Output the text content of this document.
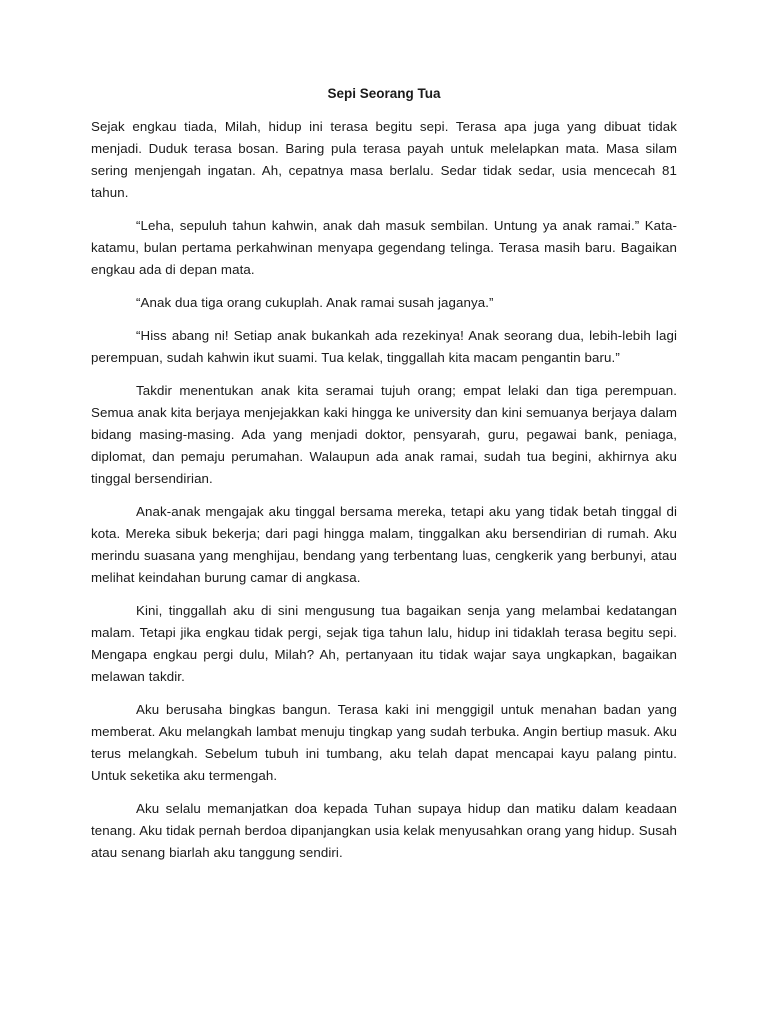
Sepi Seorang Tua

Sejak engkau tiada, Milah, hidup ini terasa begitu sepi. Terasa apa juga yang dibuat tidak menjadi. Duduk terasa bosan. Baring pula terasa payah untuk melelapkan mata. Masa silam sering menjengah ingatan. Ah, cepatnya masa berlalu. Sedar tidak sedar, usia mencecah 81 tahun.

“Leha, sepuluh tahun kahwin, anak dah masuk sembilan. Untung ya anak ramai.” Kata-katamu, bulan pertama perkahwinan menyapa gegendang telinga. Terasa masih baru. Bagaikan engkau ada di depan mata.

“Anak dua tiga orang cukuplah. Anak ramai susah jaganya.”

“Hiss abang ni! Setiap anak bukankah ada rezekinya! Anak seorang dua, lebih-lebih lagi perempuan, sudah kahwin ikut suami. Tua kelak, tinggallah kita macam pengantin baru.”

Takdir menentukan anak kita seramai tujuh orang; empat lelaki dan tiga perempuan. Semua anak kita berjaya menjejakkan kaki hingga ke university dan kini semuanya berjaya dalam bidang masing-masing. Ada yang menjadi doktor, pensyarah, guru, pegawai bank, peniaga, diplomat, dan pemaju perumahan. Walaupun ada anak ramai, sudah tua begini, akhirnya aku tinggal bersendirian.

Anak-anak mengajak aku tinggal bersama mereka, tetapi aku yang tidak betah tinggal di kota. Mereka sibuk bekerja; dari pagi hingga malam, tinggalkan aku bersendirian di rumah. Aku merindu suasana yang menghijau, bendang yang terbentang luas, cengkerik yang berbunyi, atau melihat keindahan burung camar di angkasa.

Kini, tinggallah aku di sini mengusung tua bagaikan senja yang melambai kedatangan malam. Tetapi jika engkau tidak pergi, sejak tiga tahun lalu, hidup ini tidaklah terasa begitu sepi. Mengapa engkau pergi dulu, Milah? Ah, pertanyaan itu tidak wajar saya ungkapkan, bagaikan melawan takdir.

Aku berusaha bingkas bangun. Terasa kaki ini menggigil untuk menahan badan yang memberat. Aku melangkah lambat menuju tingkap yang sudah terbuka. Angin bertiup masuk. Aku terus melangkah. Sebelum tubuh ini tumbang, aku telah dapat mencapai kayu palang pintu. Untuk seketika aku termengah.

Aku selalu memanjatkan doa kepada Tuhan supaya hidup dan matiku dalam keadaan tenang. Aku tidak pernah berdoa dipanjangkan usia kelak menyusahkan orang yang hidup. Susah atau senang biarlah aku tanggung sendiri.
